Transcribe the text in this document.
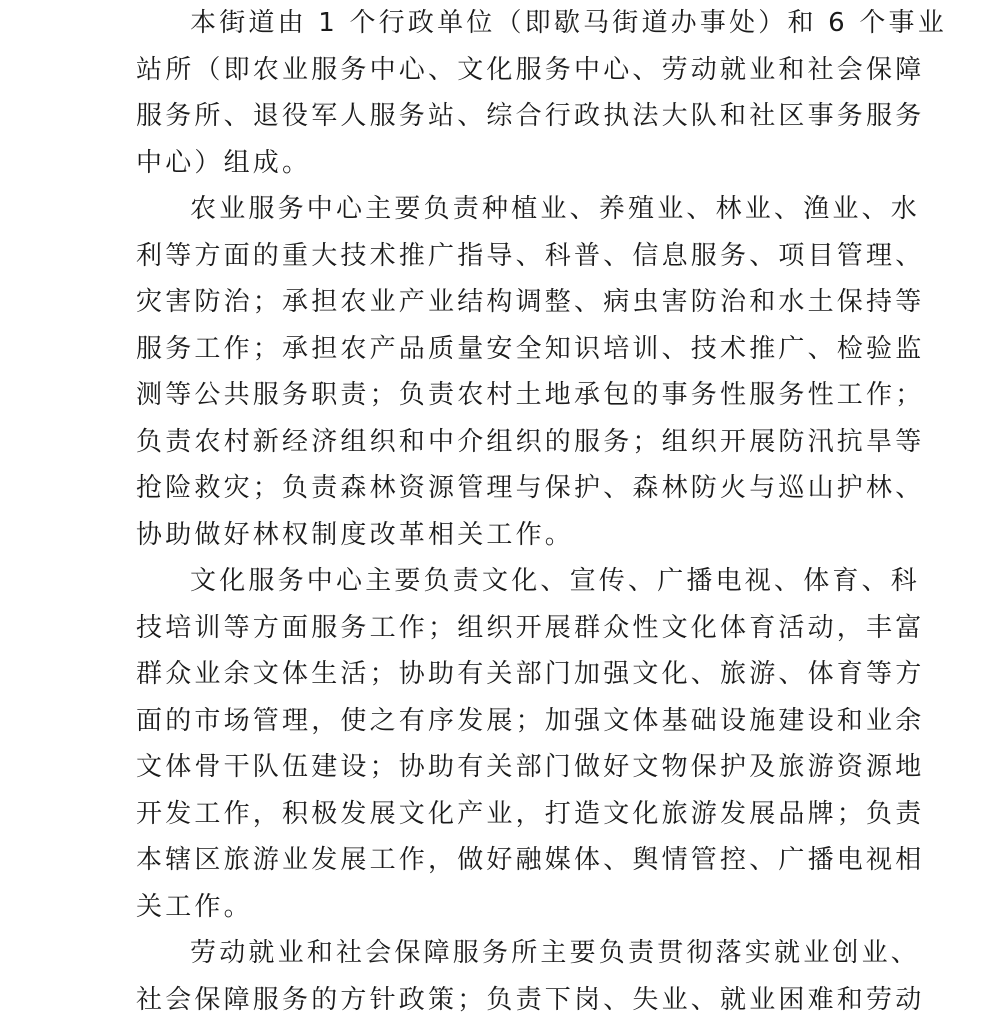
本街道由 1 个行政单位（即歇马街道办事处）和 6 个事业
站所（即农业服务中心、文化服务中心、劳动就业和社会保障
服务所、退役军人服务站、综合行政执法大队和社区事务服务
中心）组成。
农业服务中心主要负责种植业、养殖业、林业、渔业、水
利等方面的重大技术推广指导、科普、信息服务、项目管理、
灾害防治；承担农业产业结构调整、病虫害防治和水土保持等
服务工作；承担农产品质量安全知识培训、技术推广、检验监
测等公共服务职责；负责农村土地承包的事务性服务性工作；
负责农村新经济组织和中介组织的服务；组织开展防汛抗旱等
抢险救灾；负责森林资源管理与保护、森林防火与巡山护林、
协助做好林权制度改革相关工作。
文化服务中心主要负责文化、宣传、广播电视、体育、科
技培训等方面服务工作；组织开展群众性文化体育活动，丰富
群众业余文体生活；协助有关部门加强文化、旅游、体育等方
面的市场管理，使之有序发展；加强文体基础设施建设和业余
文体骨干队伍建设；协助有关部门做好文物保护及旅游资源地
开发工作，积极发展文化产业，打造文化旅游发展品牌；负责
本辖区旅游业发展工作，做好融媒体、舆情管控、广播电视相
关工作。
劳动就业和社会保障服务所主要负责贯彻落实就业创业、
社会保障服务的方针政策；负责下岗、失业、就业困难和劳动
